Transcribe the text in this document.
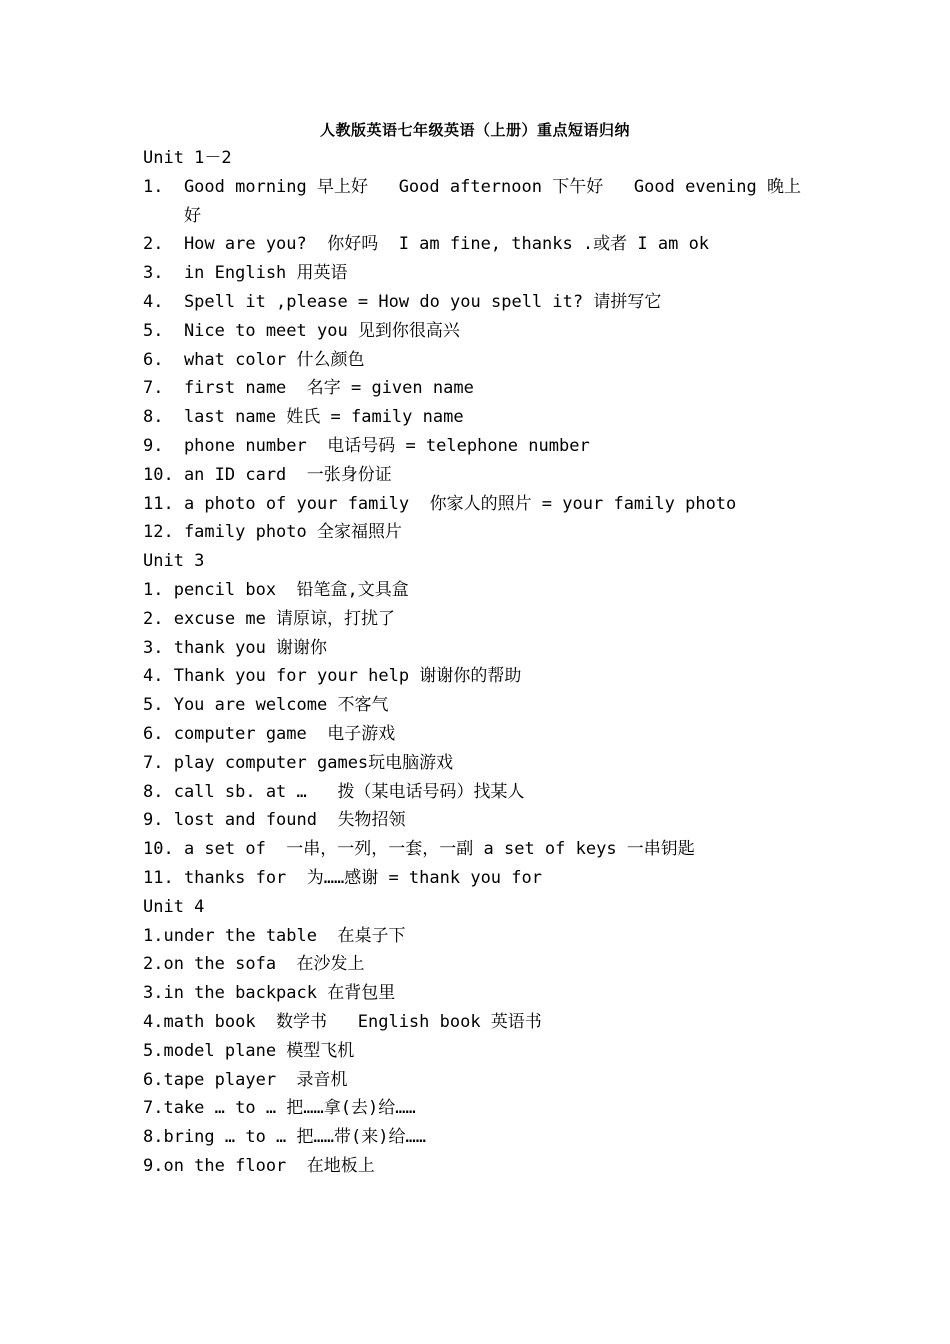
人教版英语七年级英语（上册）重点短语归纳
Unit 1－2
1.  Good morning 早上好   Good afternoon 下午好   Good evening 晚上
好
2.  How are you?  你好吗  I am fine, thanks .或者 I am ok
3.  in English 用英语
4.  Spell it ,please = How do you spell it? 请拼写它
5.  Nice to meet you 见到你很高兴
6.  what color 什么颜色
7.  first name  名字 = given name
8.  last name 姓氏 = family name
9.  phone number  电话号码 = telephone number
10. an ID card  一张身份证
11. a photo of your family  你家人的照片 = your family photo
12. family photo 全家福照片
Unit 3
1. pencil box  铅笔盒,文具盒
2. excuse me 请原谅，打扰了
3. thank you 谢谢你
4. Thank you for your help 谢谢你的帮助
5. You are welcome 不客气
6. computer game  电子游戏
7. play computer games玩电脑游戏
8. call sb. at …   拨（某电话号码）找某人
9. lost and found  失物招领
10. a set of  一串，一列，一套，一副 a set of keys 一串钥匙
11. thanks for  为……感谢 = thank you for
Unit 4
1.under the table  在桌子下
2.on the sofa  在沙发上
3.in the backpack 在背包里
4.math book  数学书   English book 英语书
5.model plane 模型飞机
6.tape player  录音机
7.take … to … 把……拿(去)给……
8.bring … to … 把……带(来)给……
9.on the floor  在地板上
